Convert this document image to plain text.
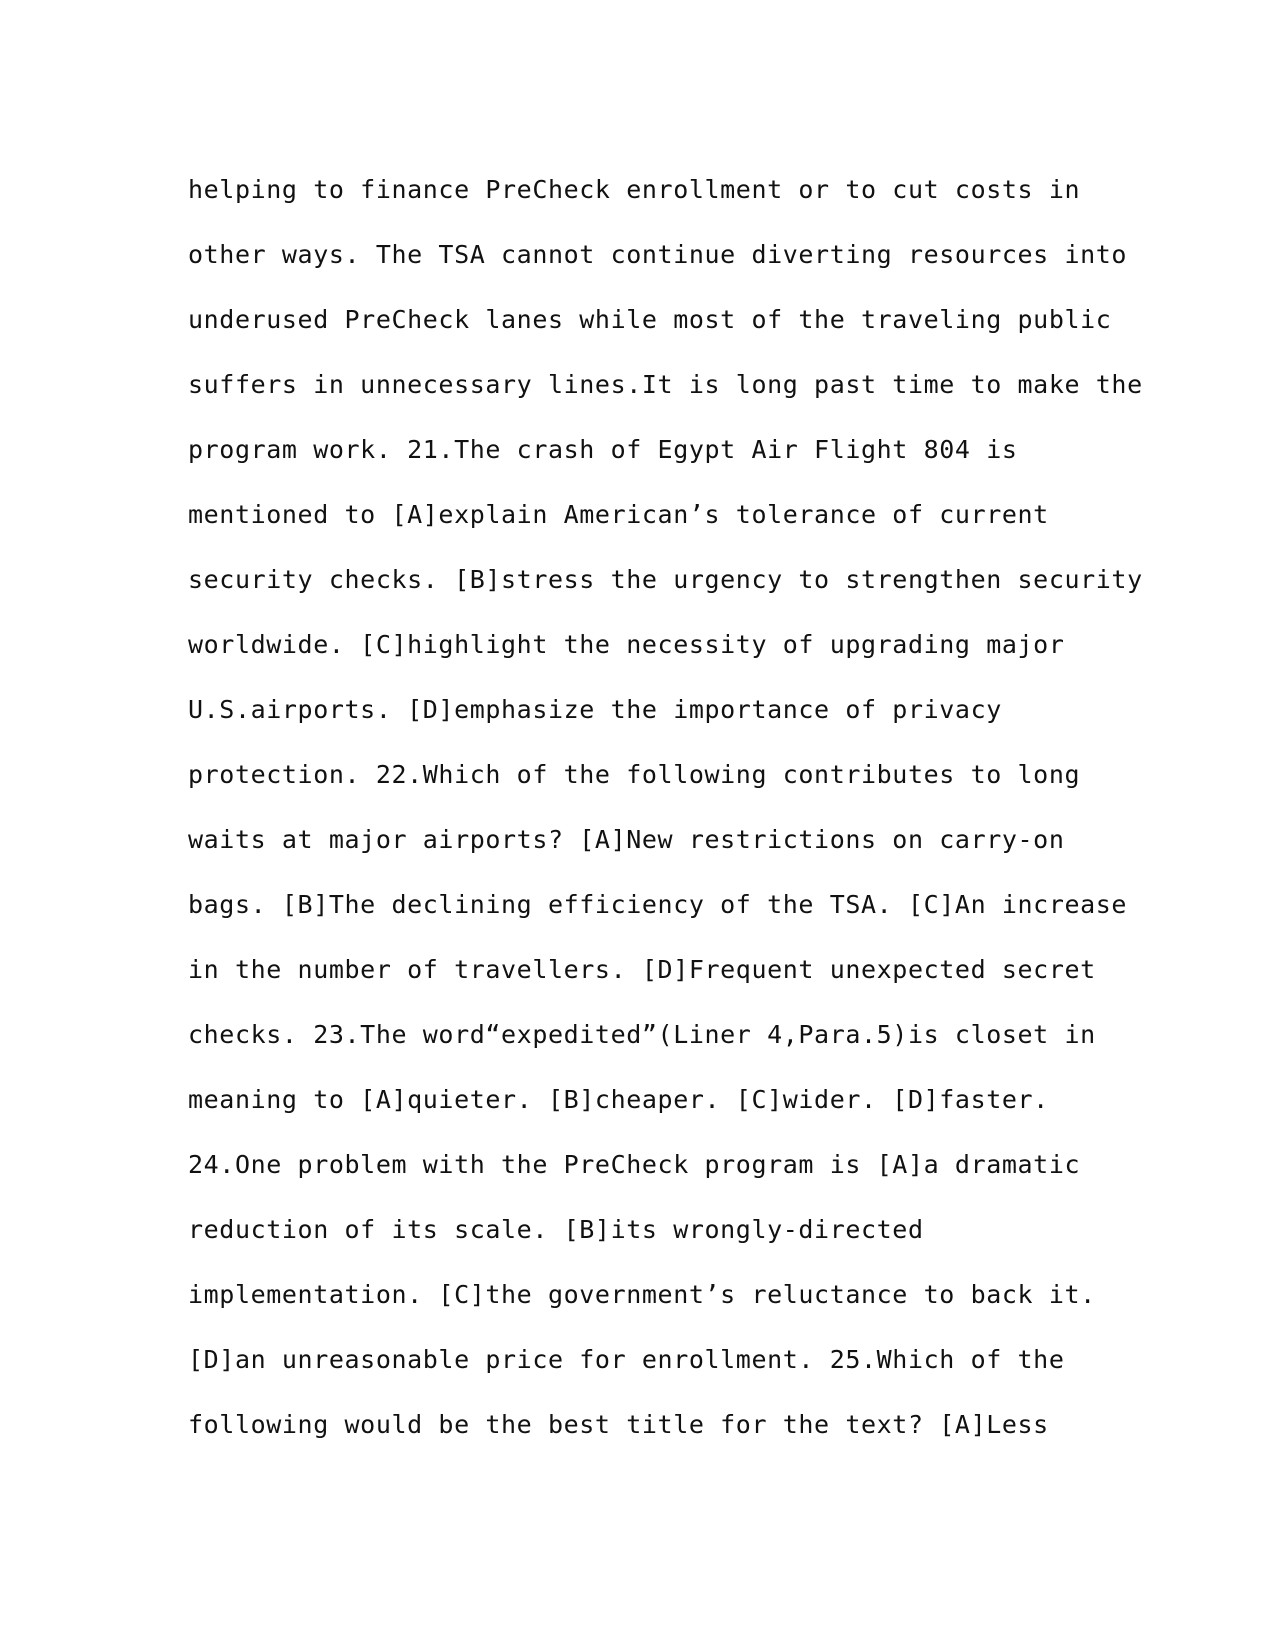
helping to finance PreCheck enrollment or to cut costs in
other ways. The TSA cannot continue diverting resources into
underused PreCheck lanes while most of the traveling public
suffers in unnecessary lines.It is long past time to make the
program work. 21.The crash of Egypt Air Flight 804 is
mentioned to [A]explain American’s tolerance of current
security checks. [B]stress the urgency to strengthen security
worldwide. [C]highlight the necessity of upgrading major
U.S.airports. [D]emphasize the importance of privacy
protection. 22.Which of the following contributes to long
waits at major airports? [A]New restrictions on carry-on
bags. [B]The declining efficiency of the TSA. [C]An increase
in the number of travellers. [D]Frequent unexpected secret
checks. 23.The word“expedited”(Liner 4,Para.5)is closet in
meaning to [A]quieter. [B]cheaper. [C]wider. [D]faster.
24.One problem with the PreCheck program is [A]a dramatic
reduction of its scale. [B]its wrongly-directed
implementation. [C]the government’s reluctance to back it.
[D]an unreasonable price for enrollment. 25.Which of the
following would be the best title for the text? [A]Less
